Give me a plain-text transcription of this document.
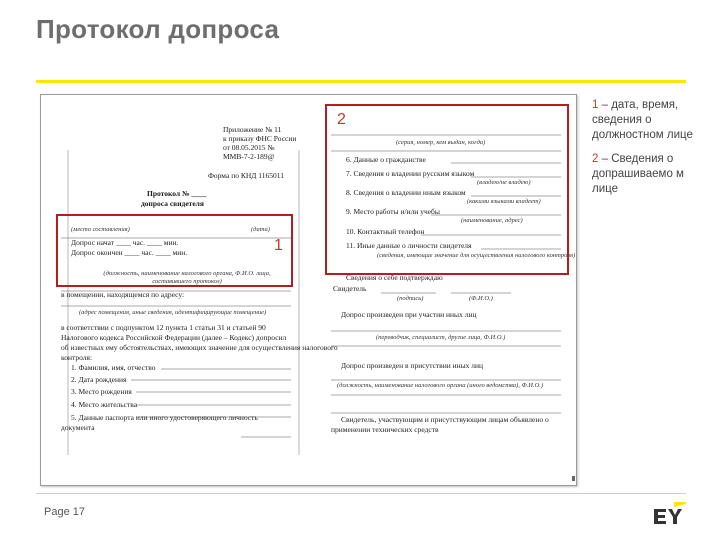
Протокол допроса
Приложение № 11
к приказу ФНС России
от 08.05.2015 №
ММВ-7-2-189@
Форма по КНД 1165011
Протокол № ____
допроса свидетеля
(место составления)	(дата)
Допрос начат ____ час. ____ мин.
Допрос окончен ____ час. ____ мин.
(должность, наименование налогового органа, Ф.И.О. лица, составившего протокол)
в помещении, находящемся по адресу:
(адрес помещения, иные сведения, идентифицирующие помещение)
в соответствии с подпунктом 12 пункта 1 статьи 31 и статьей 90
Налогового кодекса Российской Федерации (далее – Кодекс) допросил
об известных ему обстоятельствах, имеющих значение для осуществления налогового
контроля:
1. Фамилия, имя, отчество
2. Дата рождения
3. Место рождения
4. Место жительства
5. Данные паспорта или иного удостоверяющего личность
документа
(серия, номер, кем выдан, когда)
6. Данные о гражданстве
7. Сведения о владении русским языком
(владею/не владею)
8. Сведения о владении иным языком
(какими языками владеет)
9. Место работы и/или учебы
(наименование, адрес)
10. Контактный телефон
11. Иные данные о личности свидетеля
(сведения, имеющие значение для осуществления налогового контроля)
Сведения о себе подтверждаю
Свидетель
(подпись)	(Ф.И.О.)
Допрос произведен при участии иных лиц
(переводчик, специалист, другие лица, Ф.И.О.)
Допрос произведен в присутствии иных лиц
(должность, наименование налогового органа (иного ведомства), Ф.И.О.)
Свидетель, участвующим и присутствующим лицам объявлено о
применении технических средств
1
2
1 – дата, время, сведения о должностном лице
2 – Сведения о допрашиваемо м лице
Page 17
